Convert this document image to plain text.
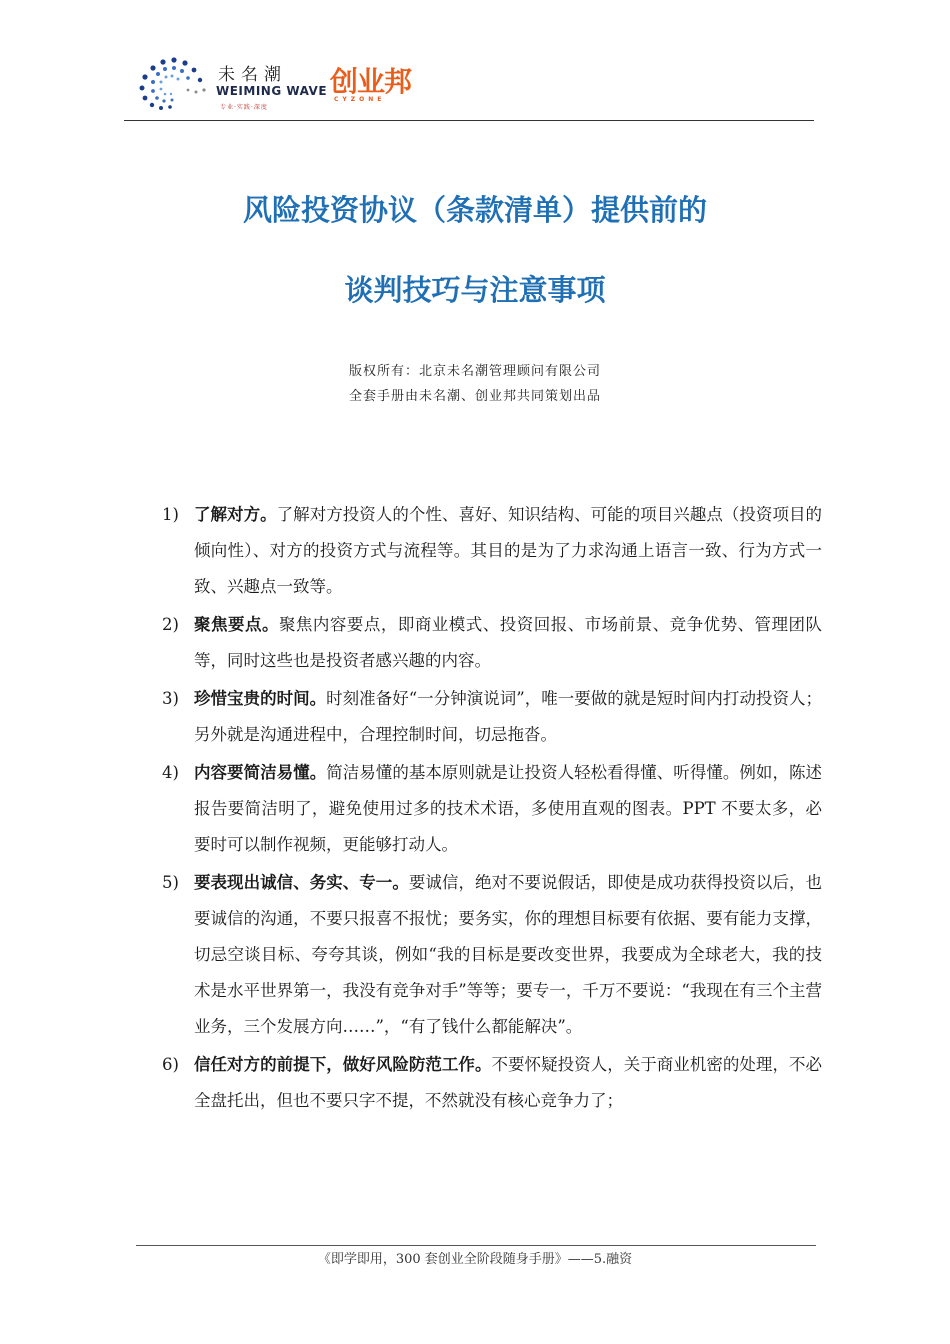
未名潮
WEIMING WAVE
专业·实践·深度
创业邦
CYZONE
风险投资协议（条款清单）提供前的
谈判技巧与注意事项
版权所有：北京未名潮管理顾问有限公司
全套手册由未名潮、创业邦共同策划出品
1) 了解对方。了解对方投资人的个性、喜好、知识结构、可能的项目兴趣点（投资项目的倾向性）、对方的投资方式与流程等。其目的是为了力求沟通上语言一致、行为方式一致、兴趣点一致等。
2) 聚焦要点。聚焦内容要点，即商业模式、投资回报、市场前景、竞争优势、管理团队等，同时这些也是投资者感兴趣的内容。
3) 珍惜宝贵的时间。时刻准备好“一分钟演说词”，唯一要做的就是短时间内打动投资人；另外就是沟通进程中，合理控制时间，切忌拖沓。
4) 内容要简洁易懂。简洁易懂的基本原则就是让投资人轻松看得懂、听得懂。例如，陈述报告要简洁明了，避免使用过多的技术术语，多使用直观的图表。PPT 不要太多，必要时可以制作视频，更能够打动人。
5) 要表现出诚信、务实、专一。要诚信，绝对不要说假话，即使是成功获得投资以后，也要诚信的沟通，不要只报喜不报忧；要务实，你的理想目标要有依据、要有能力支撑，切忌空谈目标、夸夸其谈，例如“我的目标是要改变世界，我要成为全球老大，我的技术是水平世界第一，我没有竞争对手”等等；要专一，千万不要说：“我现在有三个主营业务，三个发展方向……”，“有了钱什么都能解决”。
6) 信任对方的前提下，做好风险防范工作。不要怀疑投资人，关于商业机密的处理，不必全盘托出，但也不要只字不提，不然就没有核心竞争力了；
《即学即用，300 套创业全阶段随身手册》——5.融资
